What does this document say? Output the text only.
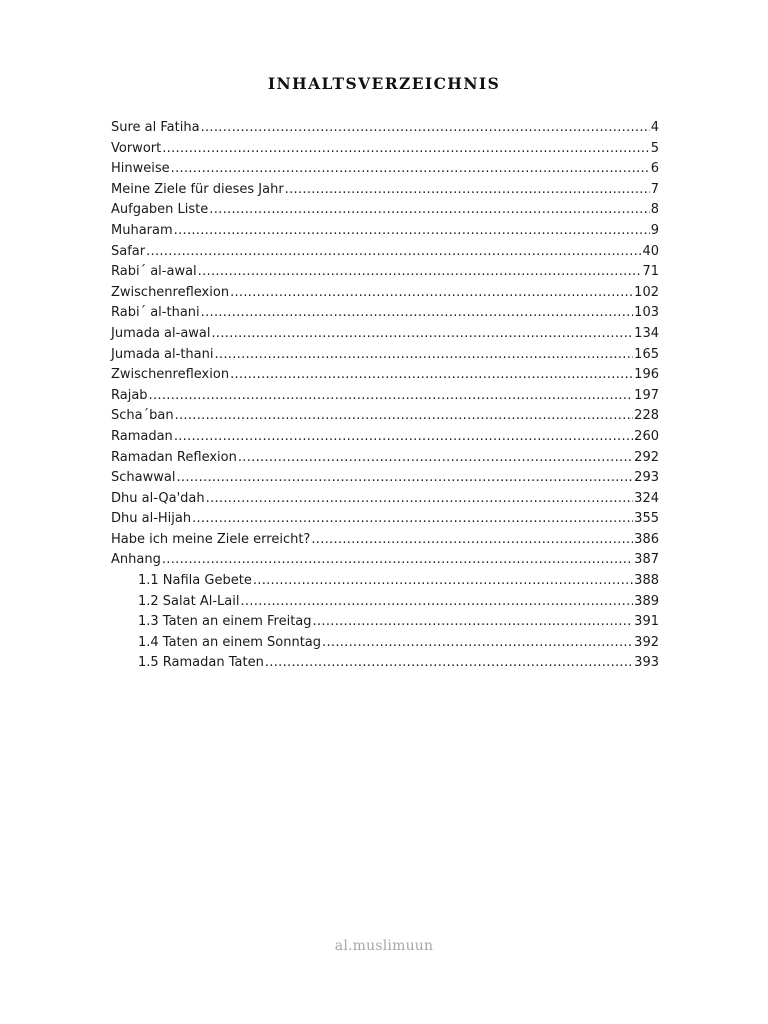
INHALTSVERZEICHNIS
Sure al Fatiha .....	4
Vorwort .....	5
Hinweise .....	6
Meine Ziele für dieses Jahr .....	7
Aufgaben Liste .....	8
Muharam .....	9
Safar .....	40
Rabi´ al-awal .....	71
Zwischenreflexion .....	102
Rabi´ al-thani .....	103
Jumada al-awal .....	134
Jumada al-thani .....	165
Zwischenreflexion .....	196
Rajab .....	197
Scha´ban .....	228
Ramadan .....	260
Ramadan Reflexion .....	292
Schawwal .....	293
Dhu al-Qa'dah .....	324
Dhu al-Hijah .....	355
Habe ich meine Ziele erreicht? .....	386
Anhang .....	387
1.1 Nafila Gebete .....	388
1.2 Salat Al-Lail .....	389
1.3 Taten an einem Freitag .....	391
1.4 Taten an einem Sonntag .....	392
1.5 Ramadan Taten .....	393
al.muslimuun
